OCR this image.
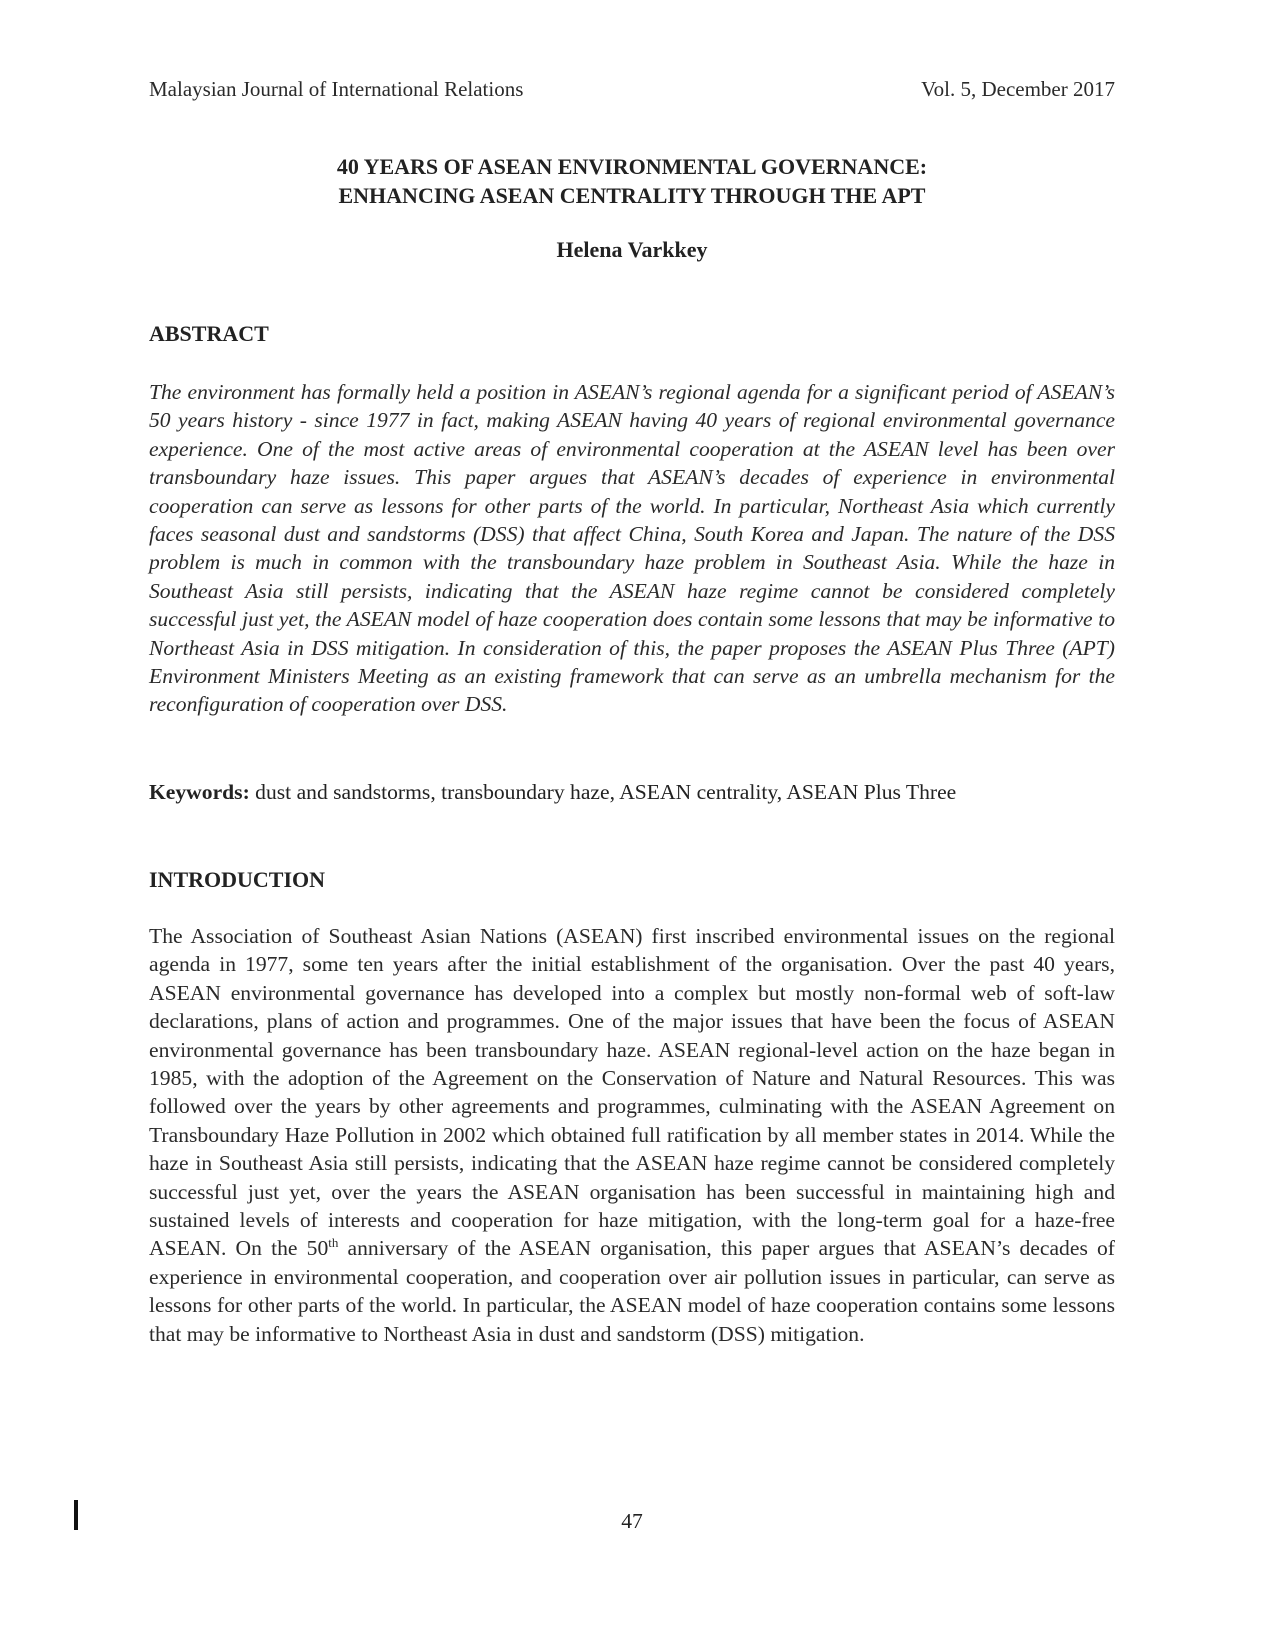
Malaysian Journal of International Relations	Vol. 5, December 2017
40 YEARS OF ASEAN ENVIRONMENTAL GOVERNANCE:
ENHANCING ASEAN CENTRALITY THROUGH THE APT
Helena Varkkey
ABSTRACT
The environment has formally held a position in ASEAN’s regional agenda for a significant period of ASEAN’s 50 years history - since 1977 in fact, making ASEAN having 40 years of regional environmental governance experience. One of the most active areas of environmental cooperation at the ASEAN level has been over transboundary haze issues. This paper argues that ASEAN’s decades of experience in environmental cooperation can serve as lessons for other parts of the world. In particular, Northeast Asia which currently faces seasonal dust and sandstorms (DSS) that affect China, South Korea and Japan. The nature of the DSS problem is much in common with the transboundary haze problem in Southeast Asia. While the haze in Southeast Asia still persists, indicating that the ASEAN haze regime cannot be considered completely successful just yet, the ASEAN model of haze cooperation does contain some lessons that may be informative to Northeast Asia in DSS mitigation. In consideration of this, the paper proposes the ASEAN Plus Three (APT) Environment Ministers Meeting as an existing framework that can serve as an umbrella mechanism for the reconfiguration of cooperation over DSS.
Keywords: dust and sandstorms, transboundary haze, ASEAN centrality, ASEAN Plus Three
INTRODUCTION
The Association of Southeast Asian Nations (ASEAN) first inscribed environmental issues on the regional agenda in 1977, some ten years after the initial establishment of the organisation. Over the past 40 years, ASEAN environmental governance has developed into a complex but mostly non-formal web of soft-law declarations, plans of action and programmes. One of the major issues that have been the focus of ASEAN environmental governance has been transboundary haze. ASEAN regional-level action on the haze began in 1985, with the adoption of the Agreement on the Conservation of Nature and Natural Resources. This was followed over the years by other agreements and programmes, culminating with the ASEAN Agreement on Transboundary Haze Pollution in 2002 which obtained full ratification by all member states in 2014. While the haze in Southeast Asia still persists, indicating that the ASEAN haze regime cannot be considered completely successful just yet, over the years the ASEAN organisation has been successful in maintaining high and sustained levels of interests and cooperation for haze mitigation, with the long-term goal for a haze-free ASEAN. On the 50th anniversary of the ASEAN organisation, this paper argues that ASEAN’s decades of experience in environmental cooperation, and cooperation over air pollution issues in particular, can serve as lessons for other parts of the world. In particular, the ASEAN model of haze cooperation contains some lessons that may be informative to Northeast Asia in dust and sandstorm (DSS) mitigation.
47
